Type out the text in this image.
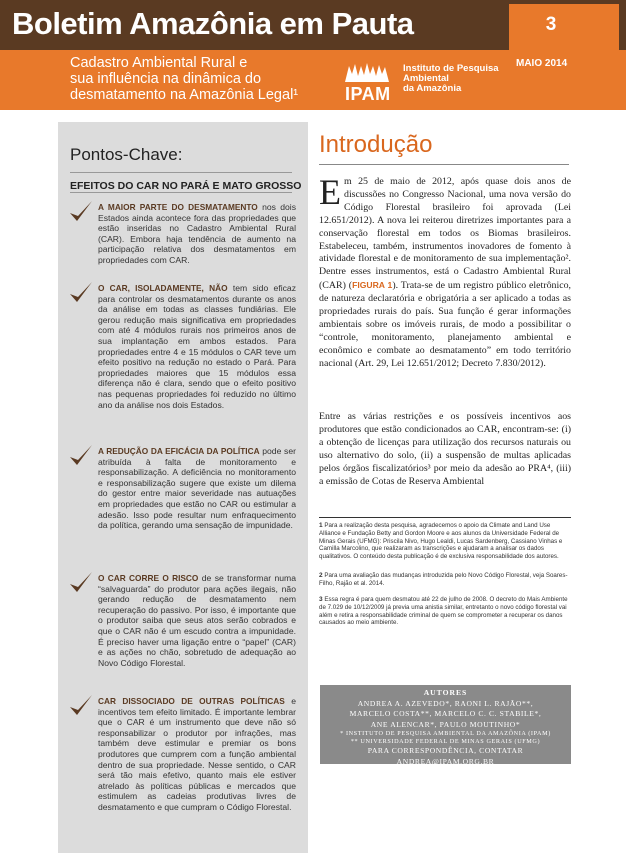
Boletim Amazônia em Pauta	3
MAIO 2014
Cadastro Ambiental Rural e
sua influência na dinâmica do
desmatamento na Amazônia Legal¹	IPAM
Instituto de Pesquisa
Ambiental
da Amazônia
Pontos-Chave:
EFEITOS DO CAR NO PARÁ E MATO GROSSO
A MAIOR PARTE DO DESMATAMENTO nos dois Estados ainda acontece fora das propriedades que estão inseridas no Cadastro Ambiental Rural (CAR). Embora haja tendência de aumento na participação relativa dos desmatamentos em propriedades com CAR.
O CAR, ISOLADAMENTE, NÃO tem sido eficaz para controlar os desmatamentos durante os anos da análise em todas as classes fundiárias. Ele gerou redução mais significativa em propriedades com até 4 módulos rurais nos primeiros anos de sua implantação em ambos estados. Para propriedades entre 4 e 15 módulos o CAR teve um efeito positivo na redução no estado o Pará. Para propriedades maiores que 15 módulos essa diferença não é clara, sendo que o efeito positivo nas pequenas propriedades foi reduzido no último ano da análise nos dois Estados.
A REDUÇÃO DA EFICÁCIA DA POLÍTICA pode ser atribuída à falta de monitoramento e responsabilização. A deficiência no monitoramento e responsabilização sugere que existe um dilema do gestor entre maior severidade nas autuações em propriedades que estão no CAR ou estimular a adesão. Isso pode resultar num enfraquecimento da política, gerando uma sensação de impunidade.
O CAR CORRE O RISCO de se transformar numa “salvaguarda” do produtor para ações ilegais, não gerando redução de desmatamento nem recuperação do passivo. Por isso, é importante que o produtor saiba que seus atos serão cobrados e que o CAR não é um escudo contra a impunidade. É preciso haver uma ligação entre o “papel” (CAR) e as ações no chão, sobretudo de adequação ao Novo Código Florestal.
CAR DISSOCIADO DE OUTRAS POLÍTICAS e incentivos tem efeito limitado. É importante lembrar que o CAR é um instrumento que deve não só responsabilizar o produtor por infrações, mas também deve estimular e premiar os bons produtores que cumprem com a função ambiental dentro de sua propriedade. Nesse sentido, o CAR será tão mais efetivo, quanto mais ele estiver atrelado às políticas públicas e mercados que estimulem as cadeias produtivas livres de desmatamento e que cumpram o Código Florestal.
Introdução
Em 25 de maio de 2012, após quase dois anos de discussões no Congresso Nacional, uma nova versão do Código Florestal brasileiro foi aprovada (Lei 12.651/2012). A nova lei reiterou diretrizes importantes para a conservação florestal em todos os Biomas brasileiros. Estabeleceu, também, instrumentos inovadores de fomento à atividade florestal e de monitoramento de sua implementação². Dentre esses instrumentos, está o Cadastro Ambiental Rural (CAR) (FIGURA 1). Trata-se de um registro público eletrônico, de natureza declaratória e obrigatória a ser aplicado a todas as propriedades rurais do país. Sua função é gerar informações ambientais sobre os imóveis rurais, de modo a possibilitar o “controle, monitoramento, planejamento ambiental e econômico e combate ao desmatamento” em todo território nacional (Art. 29, Lei 12.651/2012; Decreto 7.830/2012).
Entre as várias restrições e os possíveis incentivos aos produtores que estão condicionados ao CAR, encontram-se: (i) a obtenção de licenças para utilização dos recursos naturais ou uso alternativo do solo, (ii) a suspensão de multas aplicadas pelos órgãos fiscalizatórios³ por meio da adesão ao PRA⁴, (iii) a emissão de Cotas de Reserva Ambiental
1 Para a realização desta pesquisa, agradecemos o apoio da Climate and Land Use Alliance e Fundação Betty and Gordon Moore e aos alunos da Universidade Federal de Minas Gerais (UFMG): Priscila Nivo, Hugo Lealdi, Lucas Sardenberg, Cassiano Vinhas e Camilla Marcolino, que realizaram as transcrições e ajudaram a analisar os dados qualitativos. O conteúdo desta publicação é de exclusiva responsabilidade dos autores.
2 Para uma avaliação das mudanças introduzida pelo Novo Código Florestal, veja Soares-Filho, Rajão et al. 2014.
3 Essa regra é para quem desmatou até 22 de julho de 2008. O decreto do Mais Ambiente de 7.029 de 10/12/2009 já previa uma anistia similar, entretanto o novo código florestal vai além e retira a responsabilidade criminal de quem se comprometer a recuperar os danos causados ao meio ambiente.
AUTORES
ANDREA A. AZEVEDO*, RAONI L. RAJÃO**,
MARCELO COSTA**, MARCELO C. C. STABILE*,
ANE ALENCAR*, PAULO MOUTINHO*
* INSTITUTO DE PESQUISA AMBIENTAL DA AMAZÔNIA (IPAM)
** UNIVERSIDADE FEDERAL DE MINAS GERAIS (UFMG)
PARA CORRESPONDÊNCIA, CONTATAR
ANDREA@IPAM.ORG.BR
